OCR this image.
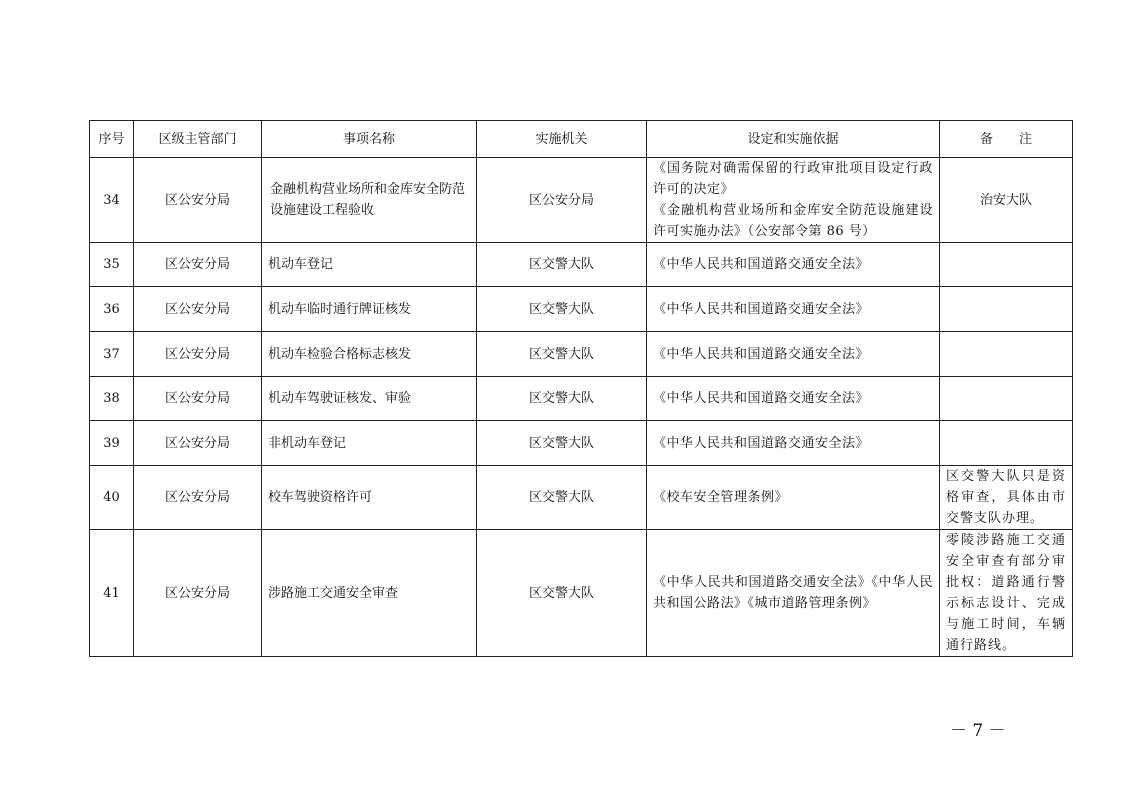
序号	区级主管部门	事项名称	实施机关	设定和实施依据	备　　注
34	区公安分局	金融机构营业场所和金库安全防范设施建设工程验收	区公安分局	《国务院对确需保留的行政审批项目设定行政许可的决定》
《金融机构营业场所和金库安全防范设施建设许可实施办法》（公安部令第 86 号）	治安大队
35	区公安分局	机动车登记	区交警大队	《中华人民共和国道路交通安全法》	

36	区公安分局	机动车临时通行牌证核发	区交警大队	《中华人民共和国道路交通安全法》	

37	区公安分局	机动车检验合格标志核发	区交警大队	《中华人民共和国道路交通安全法》	

38	区公安分局	机动车驾驶证核发、审验	区交警大队	《中华人民共和国道路交通安全法》	

39	区公安分局	非机动车登记	区交警大队	《中华人民共和国道路交通安全法》	

40	区公安分局	校车驾驶资格许可	区交警大队	《校车安全管理条例》	区交警大队只是资格审查，具体由市交警支队办理。
41	区公安分局	涉路施工交通安全审查	区交警大队	《中华人民共和国道路交通安全法》《中华人民共和国公路法》《城市道路管理条例》	零陵涉路施工交通安全审查有部分审批权：道路通行警示标志设计、完成与施工时间，车辆通行路线。
－ 7 －
